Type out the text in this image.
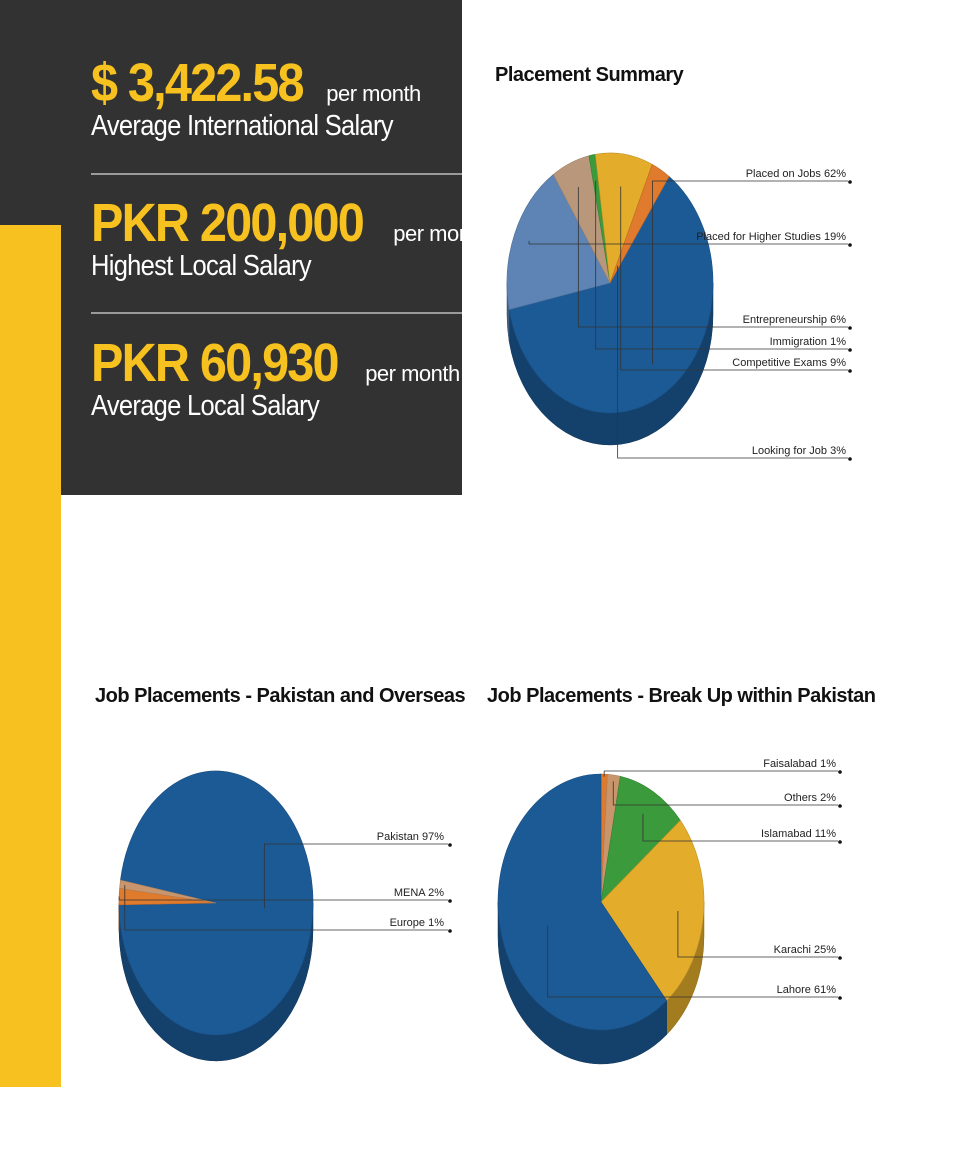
$ 3,422.58 per month
Average International Salary
PKR 200,000 per month
Highest Local Salary
PKR 60,930 per month
Average Local Salary
Placement Summary
Job Placements - Pakistan and Overseas Job Placements - Break Up within Pakistan
Placed on Jobs 62%
Placed for Higher Studies 19%
Entrepreneurship 6%
Immigration 1%
Competitive Exams 9%
Looking for Job 3%
Pakistan 97%
MENA 2%
Europe 1%
Faisalabad 1%
Others 2%
Islamabad 11%
Karachi 25%
Lahore 61%
